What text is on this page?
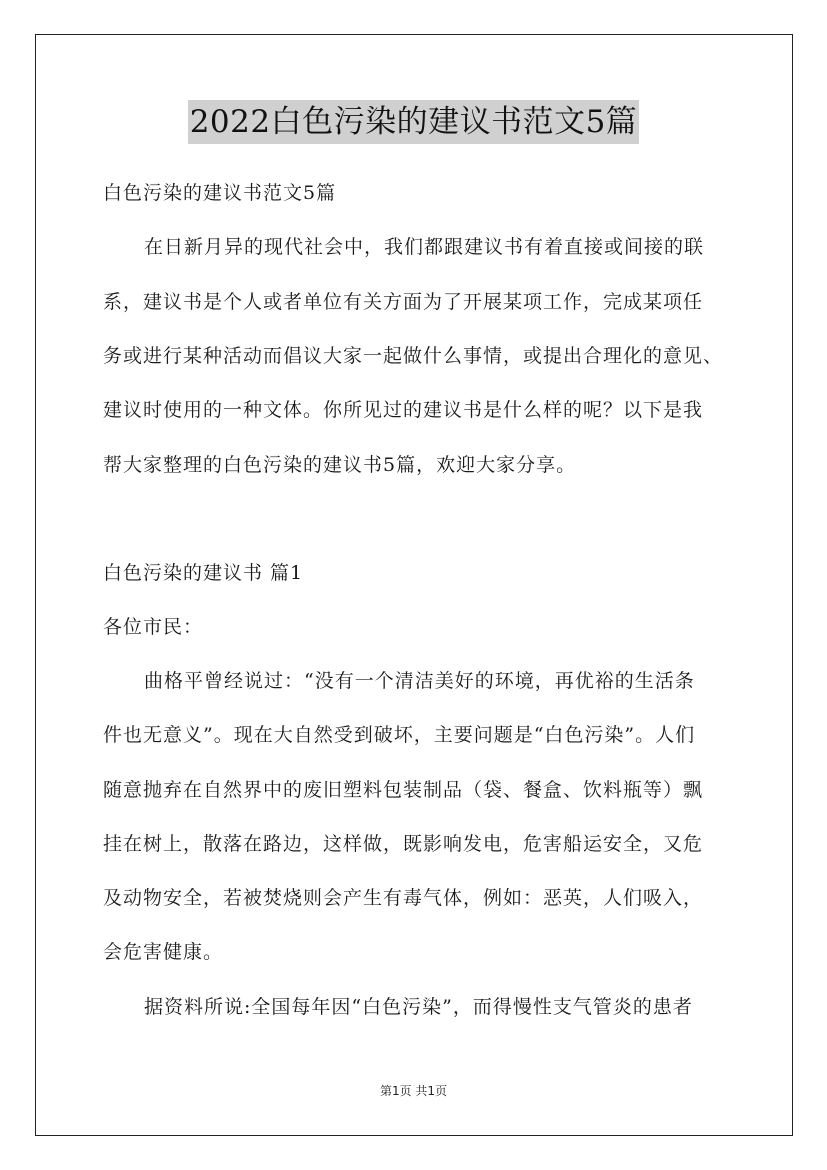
2022白色污染的建议书范文5篇
白色污染的建议书范文5篇
在日新月异的现代社会中，我们都跟建议书有着直接或间接的联
系，建议书是个人或者单位有关方面为了开展某项工作，完成某项任
务或进行某种活动而倡议大家一起做什么事情，或提出合理化的意见、
建议时使用的一种文体。你所见过的建议书是什么样的呢？以下是我
帮大家整理的白色污染的建议书5篇，欢迎大家分享。
白色污染的建议书 篇1
各位市民：
曲格平曾经说过：“没有一个清洁美好的环境，再优裕的生活条
件也无意义”。现在大自然受到破坏，主要问题是“白色污染”。人们
随意抛弃在自然界中的废旧塑料包装制品（袋、餐盒、饮料瓶等）飘
挂在树上，散落在路边，这样做，既影响发电，危害船运安全，又危
及动物安全，若被焚烧则会产生有毒气体，例如：恶英，人们吸入，
会危害健康。
据资料所说:全国每年因“白色污染”，而得慢性支气管炎的患者
第1页 共1页
